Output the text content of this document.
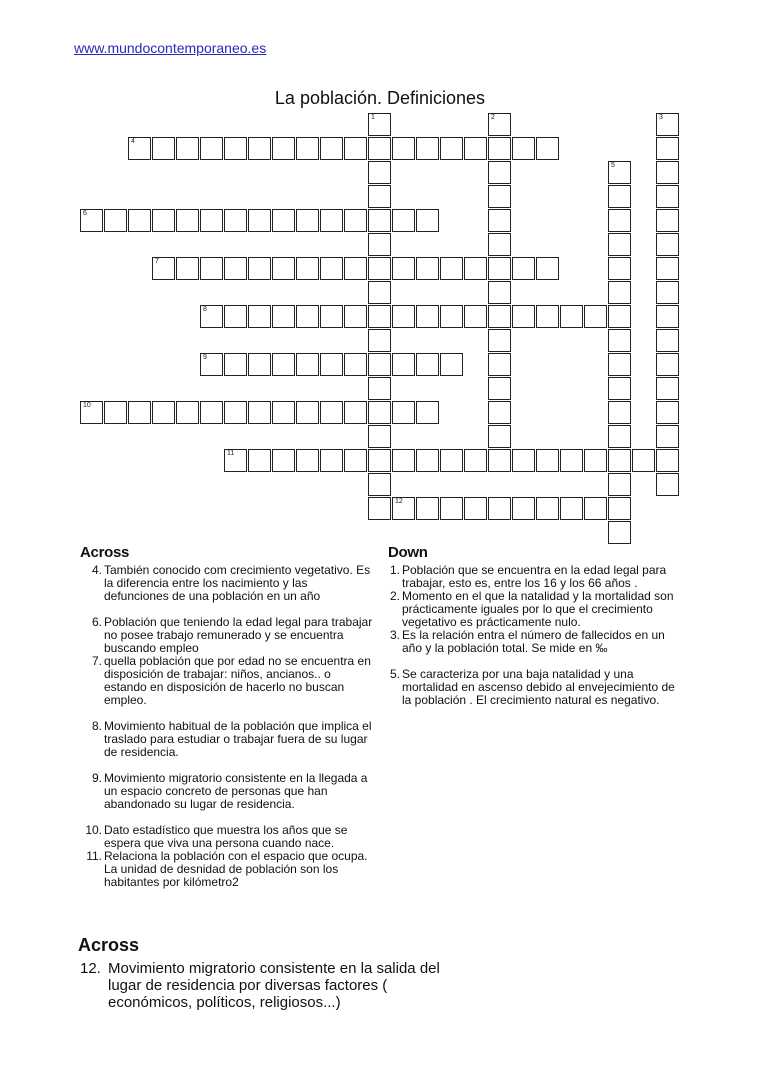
www.mundocontemporaneo.es
La población. Definiciones
1	2	3
4
5
6
7
8
9
10
11
12
Across	Down
4. También conocido com crecimiento vegetativo. Es la diferencia entre los nacimiento y las defunciones de una población en un año
6. Población que teniendo la edad legal para trabajar no posee trabajo remunerado y se encuentra buscando empleo
7. quella población que por edad no se encuentra en disposición de trabajar: niños, ancianos.. o estando en disposición de hacerlo no buscan empleo.
8. Movimiento habitual de la población que implica el traslado para estudiar o trabajar fuera de su lugar de residencia.
9. Movimiento migratorio consistente en la llegada a un espacio concreto de personas que han abandonado su lugar de residencia.
10. Dato estadístico que muestra los años que se espera que viva una persona cuando nace.
11. Relaciona la población con el espacio que ocupa. La unidad de desnidad de población son los habitantes por kilómetro2
1. Población que se encuentra en la edad legal para trabajar, esto es, entre los 16 y los 66 años .
2. Momento en el que la natalidad y la mortalidad son prácticamente iguales por lo que el crecimiento vegetativo es prácticamente nulo.
3. Es la relación entra el número de fallecidos en un año y la población total. Se mide en ‰
5. Se caracteriza por una baja natalidad y una mortalidad en ascenso debido al envejecimiento de la población . El crecimiento natural es negativo.
Across
12. Movimiento migratorio consistente en la salida del lugar de residencia por diversas factores ( económicos, políticos, religiosos...)
